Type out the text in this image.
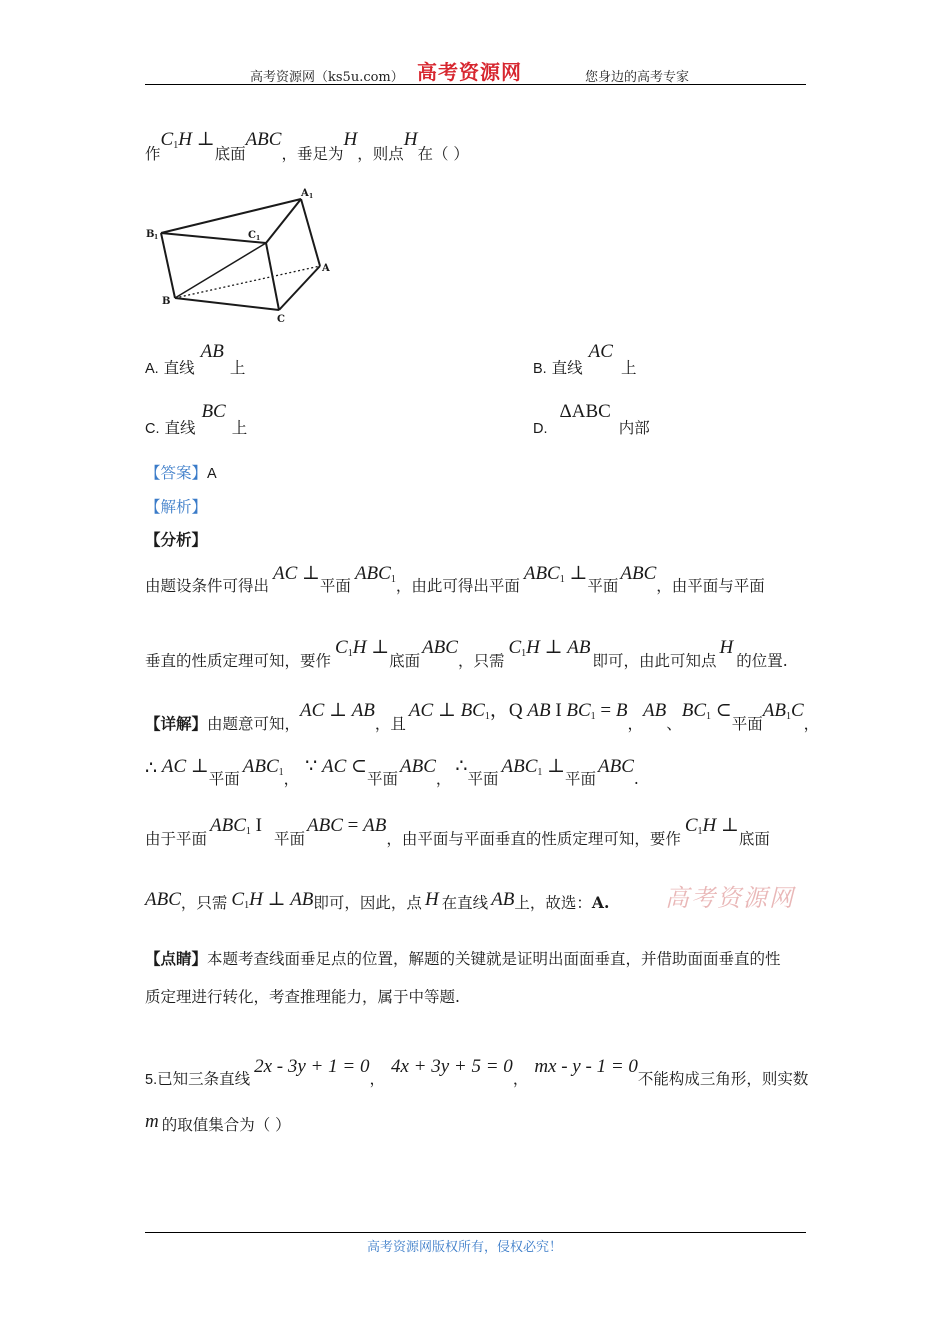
高考资源网（ks5u.com） 高考资源网	您身边的高考专家
作$C_1H$ ⊥底面ABC，垂足为H，则点H在（ ）
A 1
B 1	C 1
A
B
C
A. 直线AB上	B. 直线AC上
C. 直线BC上	D.ΔABC内部
【答案】A
【解析】
【分析】
由题设条件可得出AC ⊥平面$ABC_1$，由此可得出平面$ABC_1$ ⊥平面ABC，由平面与平面
垂直的性质定理可知，要作$C_1H$ ⊥底面ABC，只需$C_1H$ ⊥ AB即可，由此可知点H的位置.
【详解】由题意可知，AC ⊥ AB，且AC ⊥ $BC_1$，Q AB I $BC_1 = B$，AB、$BC_1$ ⊂平面$AB_1C$，
∴ AC ⊥平面$ABC_1$，∵ AC ⊂平面ABC，∴平面$ABC_1$ ⊥平面ABC.
由于平面$ABC_1$ I平面ABC = AB，由平面与平面垂直的性质定理可知，要作$C_1H$ ⊥底面
ABC，只需 $C_1H$ ⊥ AB即可，因此，点 H 在直线 AB上，故选：A. 高考资源网
【点睛】本题考查线面垂足点的位置，解题的关键就是证明出面面垂直，并借助面面垂直的性
质定理进行转化，考查推理能力，属于中等题.
5.已知三条直线2x - 3y + 1 = 0，4x + 3y + 5 = 0，mx - y - 1 = 0不能构成三角形，则实数
m 的取值集合为（ ）
高考资源网版权所有，侵权必究！
